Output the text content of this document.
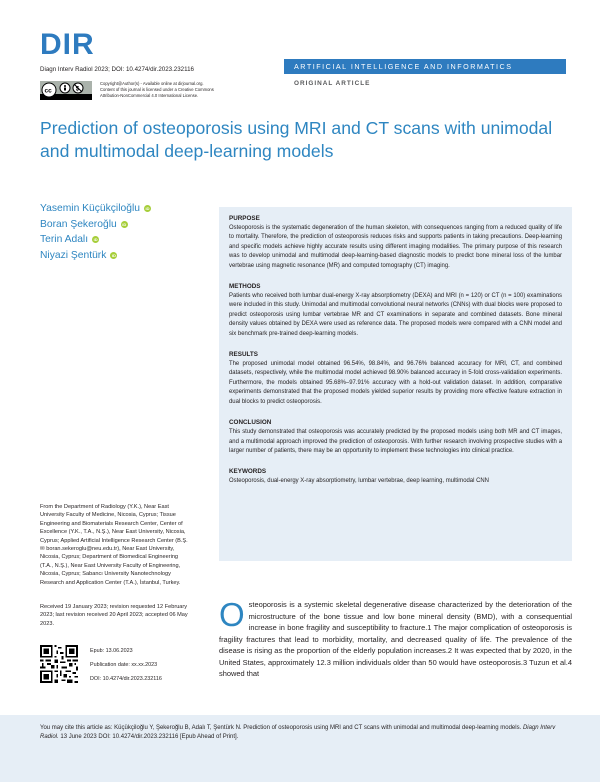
DIR
Diagn Interv Radiol 2023; DOI: 10.4274/dir.2023.232116	ARTIFICIAL INTELLIGENCE AND INFORMATICS
ORIGINAL ARTICLE
cc	$
Copyright@Author(s) - Available online at dirjournal.org.
Content of this journal is licensed under a Creative Commons
Attribution-NonCommercial 4.0 International License.
Prediction of osteoporosis using MRI and CT scans with unimodal and multimodal deep-learning models
Yasemin Küçükçiloğlu	iD
Boran Şekeroğlu	iD
Terin Adalı	iD
Niyazi Şentürk	iD
PURPOSE

Osteoporosis is the systematic degeneration of the human skeleton, with consequences ranging from a reduced quality of life to mortality. Therefore, the prediction of osteoporosis reduces risks and supports patients in taking precautions. Deep-learning and specific models achieve highly accurate results using different imaging modalities. The primary purpose of this research was to develop unimodal and multimodal deep-learning-based diagnostic models to predict bone mineral loss of the lumbar vertebrae using magnetic resonance (MR) and computed tomography (CT) imaging.

METHODS

Patients who received both lumbar dual-energy X-ray absorptiometry (DEXA) and MRI (n = 120) or CT (n = 100) examinations were included in this study. Unimodal and multimodal convolutional neural networks (CNNs) with dual blocks were proposed to predict osteoporosis using lumbar vertebrae MR and CT examinations in separate and combined datasets. Bone mineral density values obtained by DEXA were used as reference data. The proposed models were compared with a CNN model and six benchmark pre-trained deep-learning models.

RESULTS

The proposed unimodal model obtained 96.54%, 98.84%, and 96.76% balanced accuracy for MRI, CT, and combined datasets, respectively, while the multimodal model achieved 98.90% balanced accuracy in 5-fold cross-validation experiments. Furthermore, the models obtained 95.68%–97.91% accuracy with a hold-out validation dataset. In addition, comparative experiments demonstrated that the proposed models yielded superior results by providing more effective feature extraction in dual blocks to predict osteoporosis.

CONCLUSION

This study demonstrated that osteoporosis was accurately predicted by the proposed models using both MR and CT images, and a multimodal approach improved the prediction of osteoporosis. With further research involving prospective studies with a larger number of patients, there may be an opportunity to implement these technologies into clinical practice.

KEYWORDS

Osteoporosis, dual-energy X-ray absorptiometry, lumbar vertebrae, deep learning, multimodal CNN

From the Department of Radiology (Y.K.), Near East University Faculty of Medicine, Nicosia, Cyprus; Tissue Engineering and Biomaterials Research Center, Center of Excellence (Y.K., T.A., N.Ş.), Near East University, Nicosia, Cyprus; Applied Artificial Intelligence Research Center (B.Ş. ✉ boran.sekeroglu@neu.edu.tr), Near East University, Nicosia, Cyprus; Department of Biomedical Engineering (T.A., N.Ş.), Near East University Faculty of Engineering, Nicosia, Cyprus; Sabancı University Nanotechnology Research and Application Center (T.A.), İstanbul, Turkey.
Received 19 January 2023; revision requested 12 February 2023; last revision received 20 April 2023; accepted 06 May 2023.
Epub: 13.06.2023
Publication date: xx.xx.2023
DOI: 10.4274/dir.2023.232116
O steoporosis is a systemic skeletal degenerative disease characterized by the deterioration of the microstructure of the bone tissue and low bone mineral density (BMD), with a consequential increase in bone fragility and susceptibility to fracture.1 The major complication of osteoporosis is fragility fractures that lead to morbidity, mortality, and decreased quality of life. The prevalence of the disease is rising as the proportion of the elderly population increases.2 It was expected that by 2020, in the United States, approximately 12.3 million individuals older than 50 would have osteoporosis.3 Tuzun et al.4 showed that

You may cite this article as: Küçükçiloğlu Y, Şekeroğlu B, Adalı T, Şentürk N. Prediction of osteoporosis using MRI and CT scans with unimodal and multimodal deep-learning models. Diagn Interv Radiol. 13 June 2023 DOI: 10.4274/dir.2023.232116 [Epub Ahead of Print].
